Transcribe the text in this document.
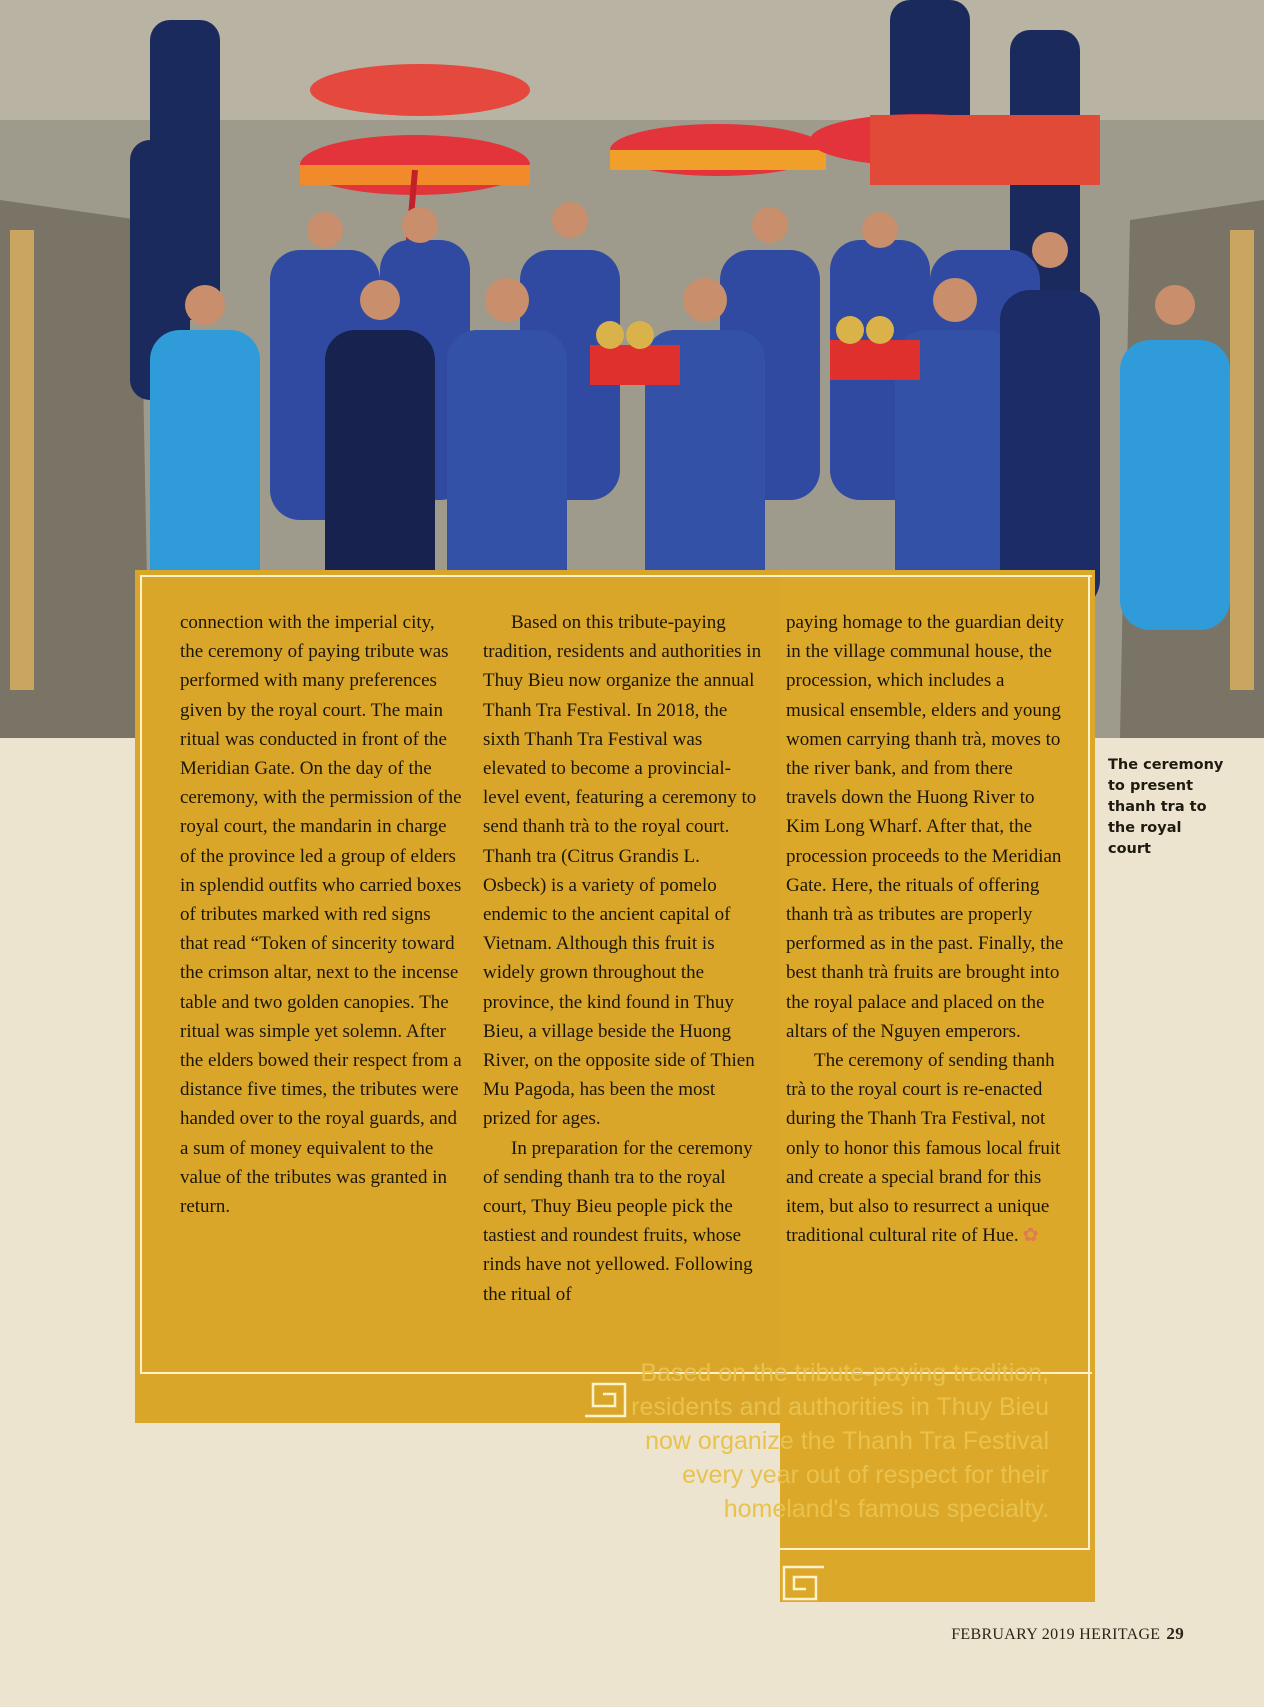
connection with the imperial city, the ceremony of paying tribute was performed with many preferences given by the royal court. The main ritual was conducted in front of the Meridian Gate. On the day of the ceremony, with the permission of the royal court, the mandarin in charge of the province led a group of elders in splendid outfits who carried boxes of tributes marked with red signs that read “Token of sincerity toward the crimson altar, next to the incense table and two golden canopies. The ritual was simple yet solemn. After the elders bowed their respect from a distance five times, the tributes were handed over to the royal guards, and a sum of money equivalent to the value of the tributes was granted in return.

Based on this tribute-paying tradition, residents and authorities in Thuy Bieu now organize the annual Thanh Tra Festival. In 2018, the sixth Thanh Tra Festival was elevated to become a provincial-level event, featuring a ceremony to send thanh trà to the royal court. Thanh tra (Citrus Grandis L. Osbeck) is a variety of pomelo endemic to the ancient capital of Vietnam. Although this fruit is widely grown throughout the province, the kind found in Thuy Bieu, a village beside the Huong River, on the opposite side of Thien Mu Pagoda, has been the most prized for ages.

In preparation for the ceremony of sending thanh tra to the royal court, Thuy Bieu people pick the tastiest and roundest fruits, whose rinds have not yellowed. Following the ritual of

paying homage to the guardian deity in the village communal house, the procession, which includes a musical ensemble, elders and young women carrying thanh trà, moves to the river bank, and from there travels down the Huong River to Kim Long Wharf. After that, the procession proceeds to the Meridian Gate. Here, the rituals of offering thanh trà as tributes are properly performed as in the past. Finally, the best thanh trà fruits are brought into the royal palace and placed on the altars of the Nguyen emperors.

The ceremony of sending thanh trà to the royal court is re-enacted during the Thanh Tra Festival, not only to honor this famous local fruit and create a special brand for this item, but also to resurrect a unique traditional cultural rite of Hue. ✿

Based on the tribute-paying tradition, residents and authorities in Thuy Bieu now organize the Thanh Tra Festival every year out of respect for their homeland's famous specialty.
The ceremony to present thanh tra to the royal court
FEBRUARY 2019 HERITAGE 29
